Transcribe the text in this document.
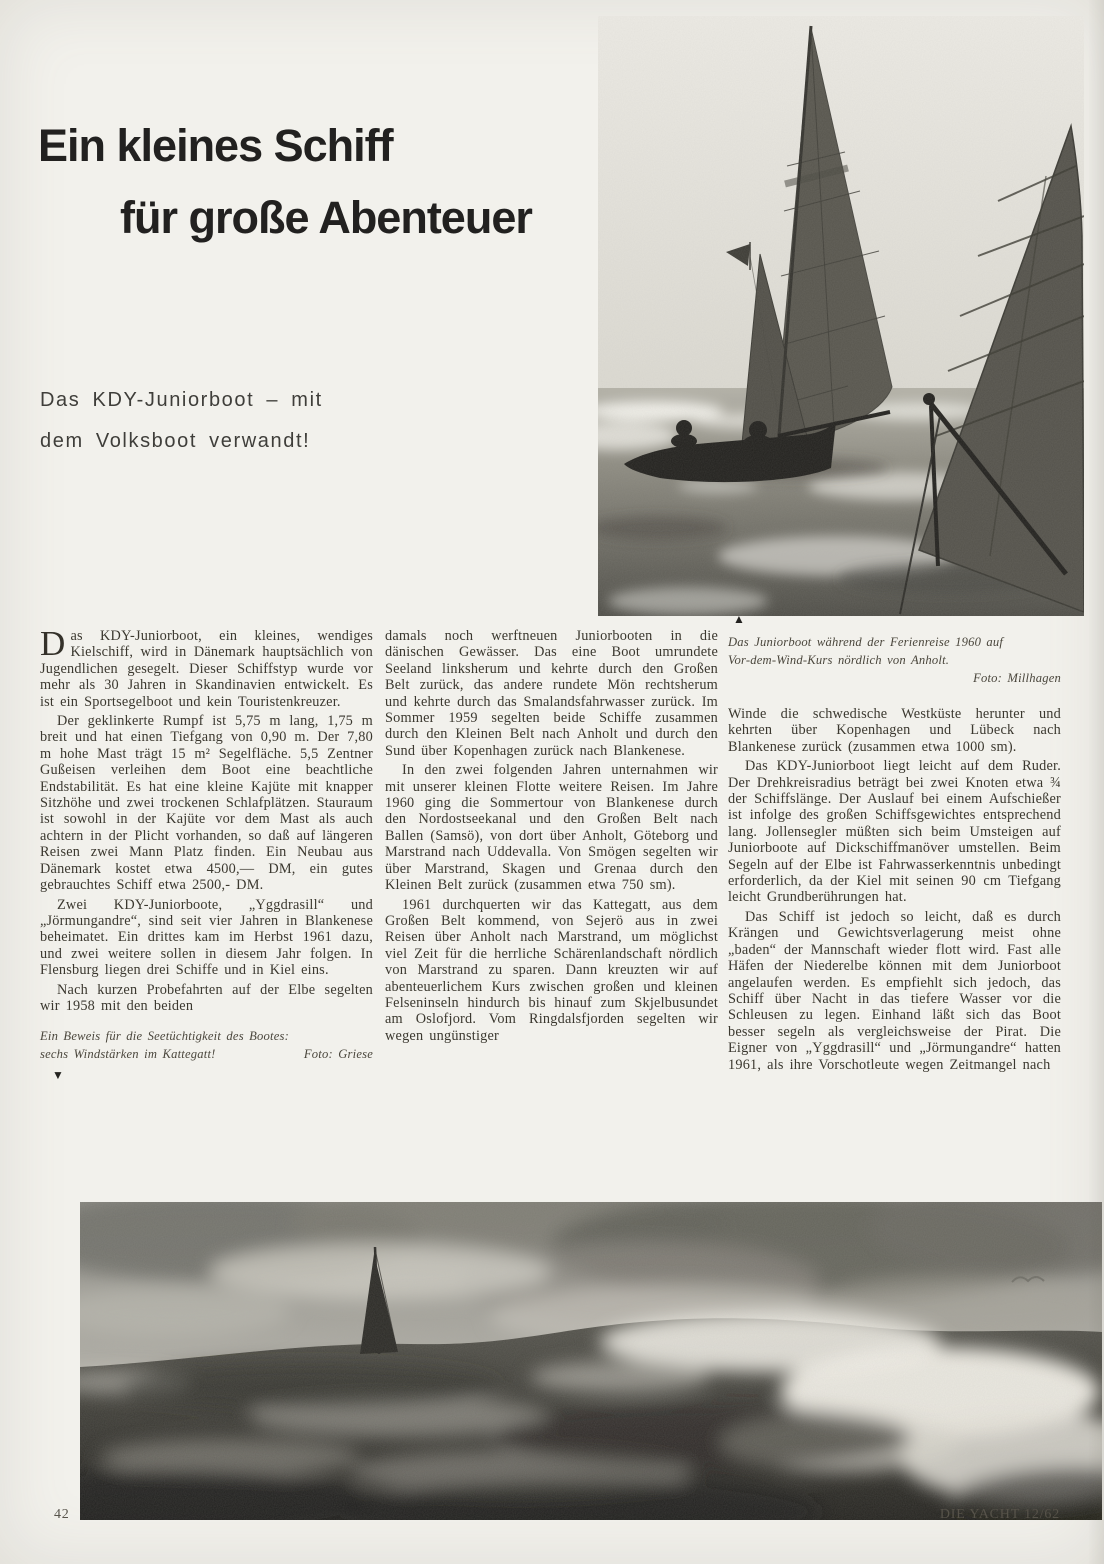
Ein kleines Schiff
für große Abenteuer
Das KDY-Juniorboot – mit
dem Volksboot verwandt!

Das KDY-Juniorboot, ein kleines, wendiges Kielschiff, wird in Dänemark hauptsächlich von Jugendlichen gesegelt. Dieser Schiffstyp wurde vor mehr als 30 Jahren in Skandinavien entwickelt. Es ist ein Sportsegelboot und kein Touristenkreuzer.

Der geklinkerte Rumpf ist 5,75 m lang, 1,75 m breit und hat einen Tiefgang von 0,90 m. Der 7,80 m hohe Mast trägt 15 m² Segelfläche. 5,5 Zentner Gußeisen verleihen dem Boot eine beachtliche Endstabilität. Es hat eine kleine Kajüte mit knapper Sitzhöhe und zwei trockenen Schlafplätzen. Stauraum ist sowohl in der Kajüte vor dem Mast als auch achtern in der Plicht vorhanden, so daß auf längeren Reisen zwei Mann Platz finden. Ein Neubau aus Dänemark kostet etwa 4500,— DM, ein gutes gebrauchtes Schiff etwa 2500,- DM.

Zwei KDY-Juniorboote, „Yggdrasill“ und „Jörmungandre“, sind seit vier Jahren in Blankenese beheimatet. Ein drittes kam im Herbst 1961 dazu, und zwei weitere sollen in diesem Jahr folgen. In Flensburg liegen drei Schiffe und in Kiel eins.

Nach kurzen Probefahrten auf der Elbe segelten wir 1958 mit den beiden

Ein Beweis für die Seetüchtigkeit des Bootes:
sechs Windstärken im Kattegatt!	Foto: Griese
▼

damals noch werftneuen Juniorbooten in die dänischen Gewässer. Das eine Boot umrundete Seeland linksherum und kehrte durch den Großen Belt zurück, das andere rundete Mön rechtsherum und kehrte durch das Smalandsfahrwasser zurück. Im Sommer 1959 segelten beide Schiffe zusammen durch den Kleinen Belt nach Anholt und durch den Sund über Kopenhagen zurück nach Blankenese.

In den zwei folgenden Jahren unternahmen wir mit unserer kleinen Flotte weitere Reisen. Im Jahre 1960 ging die Sommertour von Blankenese durch den Nordostseekanal und den Großen Belt nach Ballen (Samsö), von dort über Anholt, Göteborg und Marstrand nach Uddevalla. Von Smögen segelten wir über Marstrand, Skagen und Grenaa durch den Kleinen Belt zurück (zusammen etwa 750 sm).

1961 durchquerten wir das Kattegatt, aus dem Großen Belt kommend, von Sejerö aus in zwei Reisen über Anholt nach Marstrand, um möglichst viel Zeit für die herrliche Schärenlandschaft nördlich von Marstrand zu sparen. Dann kreuzten wir auf abenteuerlichem Kurs zwischen großen und kleinen Felseninseln hindurch bis hinauf zum Skjelbusundet am Oslofjord. Vom Ringdalsfjorden segelten wir wegen ungünstiger

▲
Das Juniorboot während der Ferienreise 1960 auf
Vor-dem-Wind-Kurs nördlich von Anholt.
Foto: Millhagen

Winde die schwedische Westküste herunter und kehrten über Kopenhagen und Lübeck nach Blankenese zurück (zusammen etwa 1000 sm).

Das KDY-Juniorboot liegt leicht auf dem Ruder. Der Drehkreisradius beträgt bei zwei Knoten etwa ¾ der Schiffslänge. Der Auslauf bei einem Aufschießer ist infolge des großen Schiffsgewichtes entsprechend lang. Jollensegler müßten sich beim Umsteigen auf Juniorboote auf Dickschiffmanöver umstellen. Beim Segeln auf der Elbe ist Fahrwasserkenntnis unbedingt erforderlich, da der Kiel mit seinen 90 cm Tiefgang leicht Grundberührungen hat.

Das Schiff ist jedoch so leicht, daß es durch Krängen und Gewichtsverlagerung meist ohne „baden“ der Mannschaft wieder flott wird. Fast alle Häfen der Niederelbe können mit dem Juniorboot angelaufen werden. Es empfiehlt sich jedoch, das Schiff über Nacht in das tiefere Wasser vor die Schleusen zu legen. Einhand läßt sich das Boot besser segeln als vergleichsweise der Pirat. Die Eigner von „Yggdrasill“ und „Jörmungandre“ hatten 1961, als ihre Vorschotleute wegen Zeitmangel nach

42	DIE YACHT 12/62
